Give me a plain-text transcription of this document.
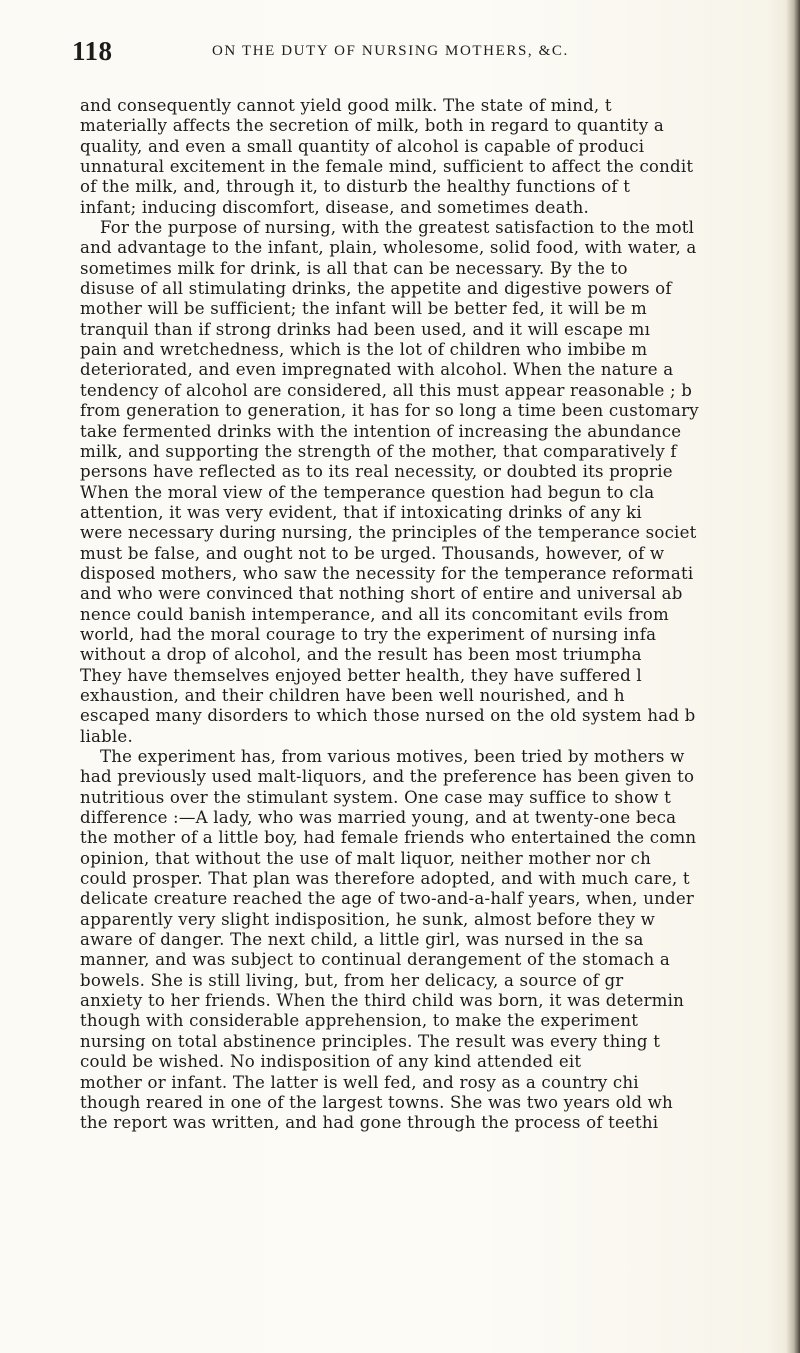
118	ON THE DUTY OF NURSING MOTHERS, &C.
and consequently cannot yield good milk. The state of mind, t
materially affects the secretion of milk, both in regard to quantity a
quality, and even a small quantity of alcohol is capable of produci
unnatural excitement in the female mind, sufficient to affect the condit
of the milk, and, through it, to disturb the healthy functions of t
infant; inducing discomfort, disease, and sometimes death.
For the purpose of nursing, with the greatest satisfaction to the motl
and advantage to the infant, plain, wholesome, solid food, with water, a
sometimes milk for drink, is all that can be necessary. By the to
disuse of all stimulating drinks, the appetite and digestive powers of
mother will be sufficient; the infant will be better fed, it will be m
tranquil than if strong drinks had been used, and it will escape mı
pain and wretchedness, which is the lot of children who imbibe m
deteriorated, and even impregnated with alcohol. When the nature a
tendency of alcohol are considered, all this must appear reasonable ; b
from generation to generation, it has for so long a time been customary
take fermented drinks with the intention of increasing the abundance
milk, and supporting the strength of the mother, that comparatively f
persons have reflected as to its real necessity, or doubted its proprie
When the moral view of the temperance question had begun to cla
attention, it was very evident, that if intoxicating drinks of any ki
were necessary during nursing, the principles of the temperance societ
must be false, and ought not to be urged. Thousands, however, of w
disposed mothers, who saw the necessity for the temperance reformati
and who were convinced that nothing short of entire and universal ab
nence could banish intemperance, and all its concomitant evils from
world, had the moral courage to try the experiment of nursing infa
without a drop of alcohol, and the result has been most triumpha
They have themselves enjoyed better health, they have suffered l
exhaustion, and their children have been well nourished, and h
escaped many disorders to which those nursed on the old system had b
liable.
The experiment has, from various motives, been tried by mothers w
had previously used malt-liquors, and the preference has been given to
nutritious over the stimulant system. One case may suffice to show t
difference :—A lady, who was married young, and at twenty-one beca
the mother of a little boy, had female friends who entertained the comn
opinion, that without the use of malt liquor, neither mother nor ch
could prosper. That plan was therefore adopted, and with much care, t
delicate creature reached the age of two-and-a-half years, when, under
apparently very slight indisposition, he sunk, almost before they w
aware of danger. The next child, a little girl, was nursed in the sa
manner, and was subject to continual derangement of the stomach a
bowels. She is still living, but, from her delicacy, a source of gr
anxiety to her friends. When the third child was born, it was determin
though with considerable apprehension, to make the experiment
nursing on total abstinence principles. The result was every thing t
could be wished. No indisposition of any kind attended eit
mother or infant. The latter is well fed, and rosy as a country chi
though reared in one of the largest towns. She was two years old wh
the report was written, and had gone through the process of teethi
